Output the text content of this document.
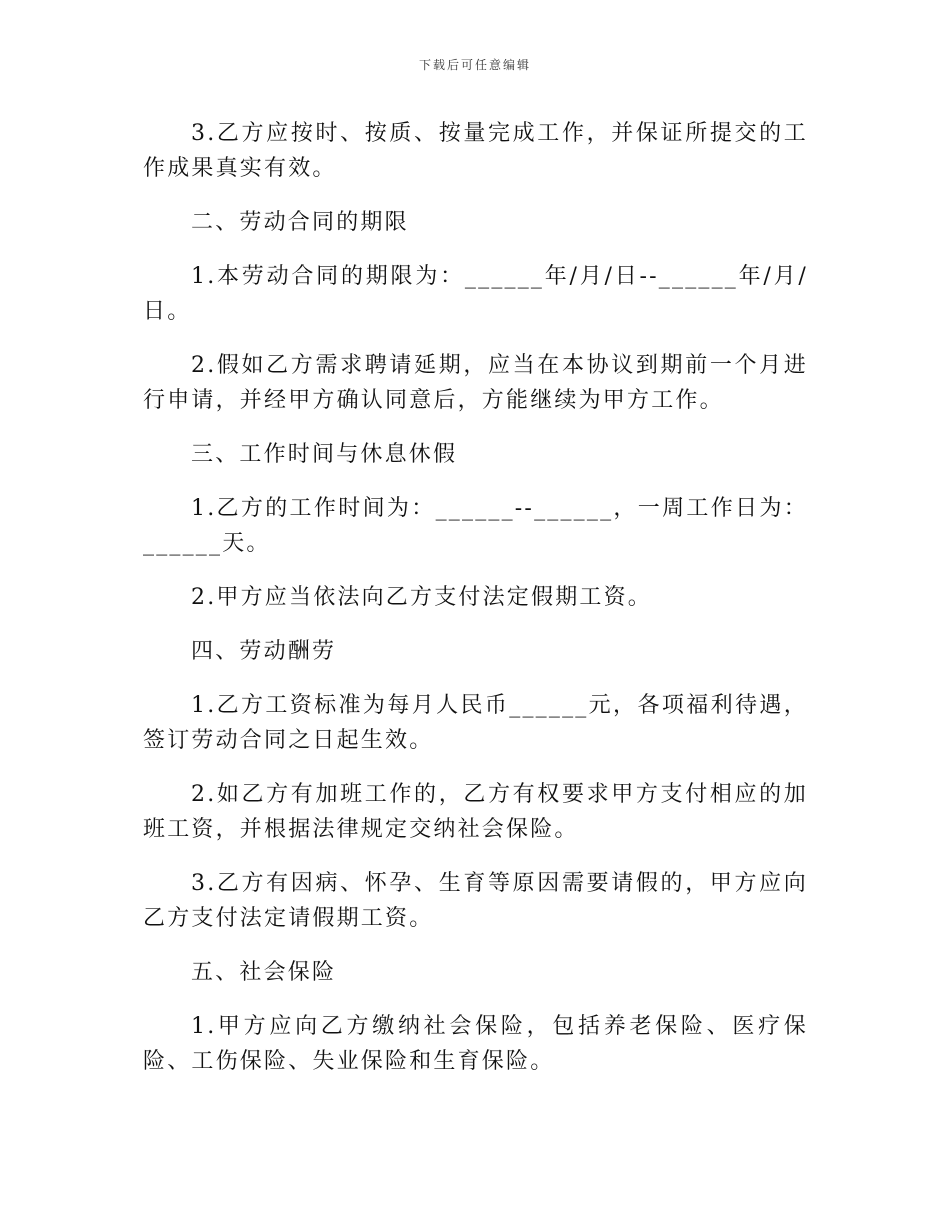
下载后可任意编辑

3.乙方应按时、按质、按量完成工作，并保证所提交的工作成果真实有效。

二、劳动合同的期限

1.本劳动合同的期限为：______年/月/日--______年/月/日。

2.假如乙方需求聘请延期，应当在本协议到期前一个月进行申请，并经甲方确认同意后，方能继续为甲方工作。

三、工作时间与休息休假

1.乙方的工作时间为：______--______，一周工作日为：______天。

2.甲方应当依法向乙方支付法定假期工资。

四、劳动酬劳

1.乙方工资标准为每月人民币______元，各项福利待遇，签订劳动合同之日起生效。

2.如乙方有加班工作的，乙方有权要求甲方支付相应的加班工资，并根据法律规定交纳社会保险。

3.乙方有因病、怀孕、生育等原因需要请假的，甲方应向乙方支付法定请假期工资。

五、社会保险

1.甲方应向乙方缴纳社会保险，包括养老保险、医疗保险、工伤保险、失业保险和生育保险。
